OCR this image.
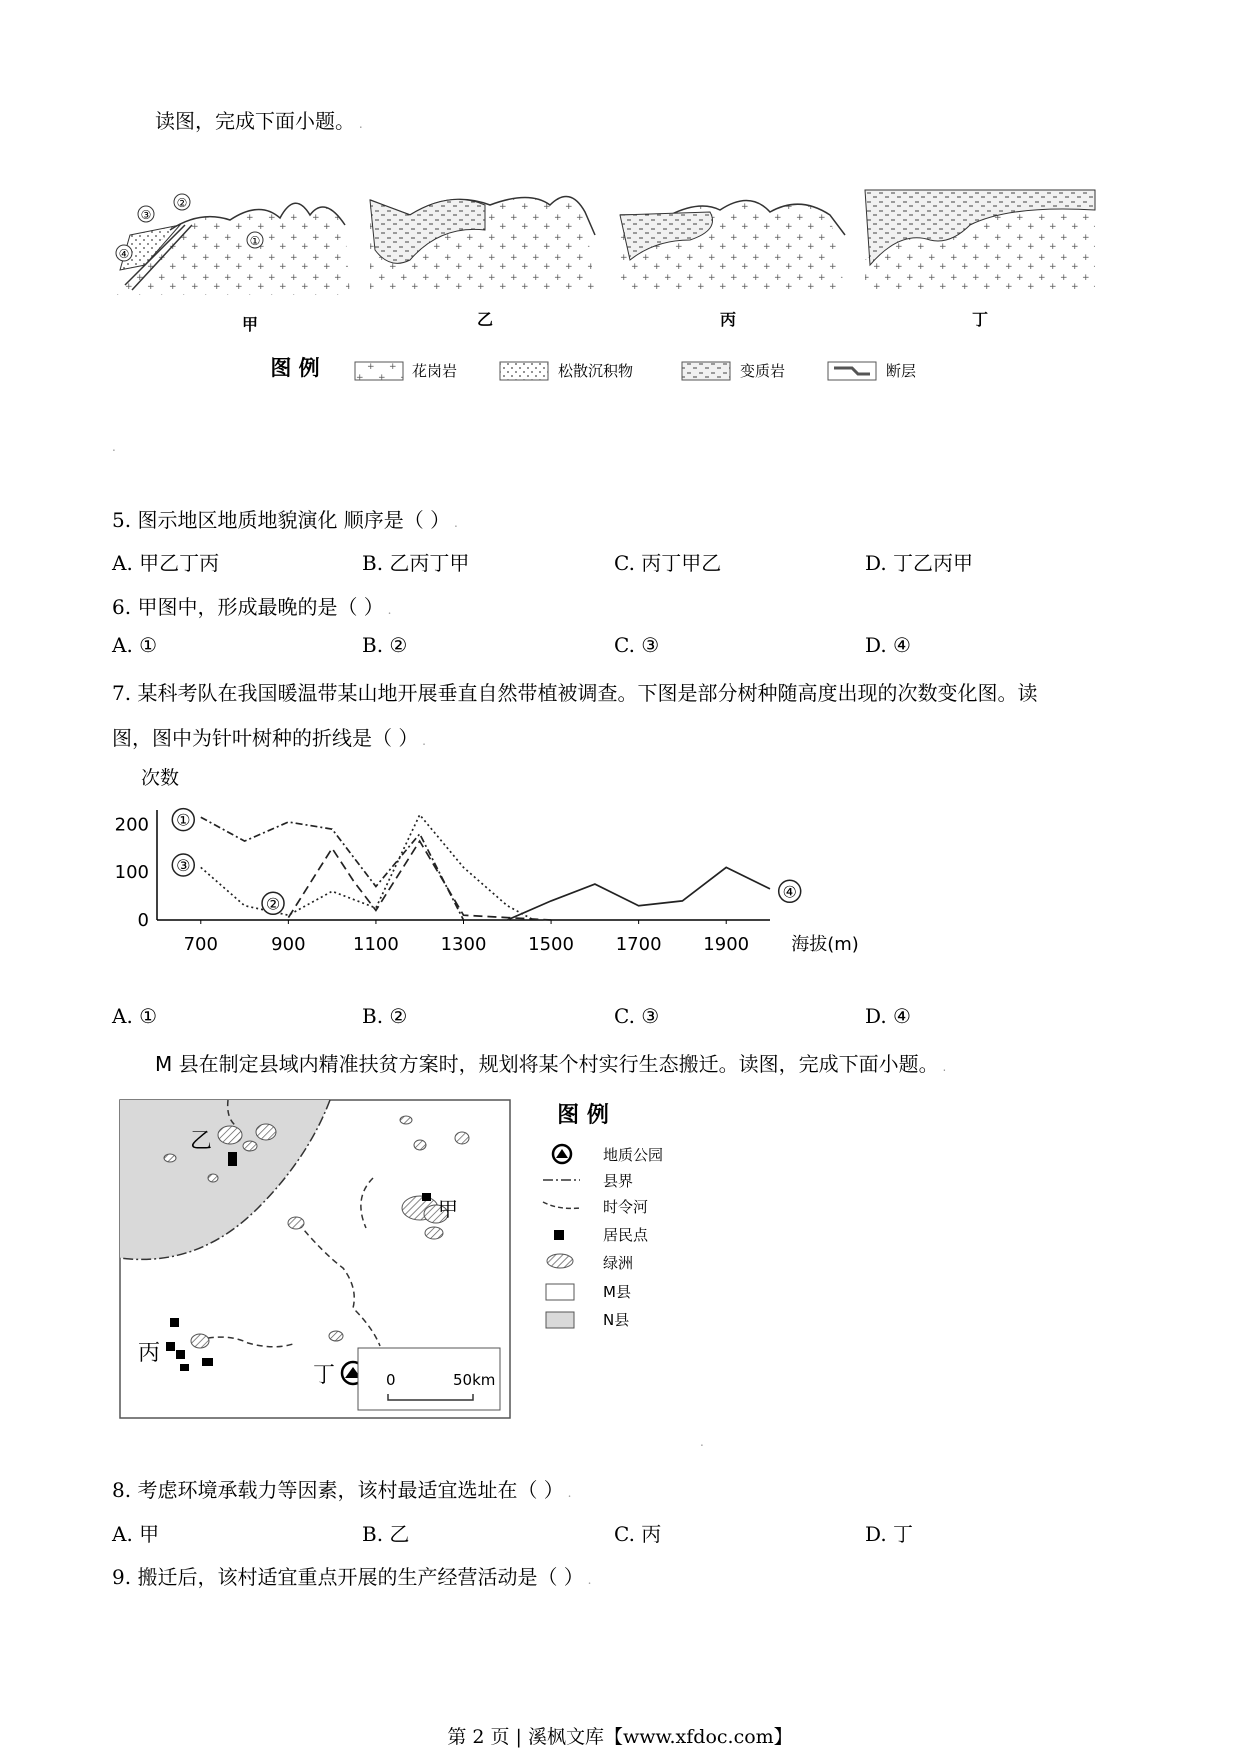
读图，完成下面小题。 .
③
②
④
①
甲	乙	丙	丁
图 例	花岗岩	松散沉积物	变质岩	断层
.
5. 图示地区地质地貌演化 顺序是（ ） .
A. 甲乙丁丙	B. 乙丙丁甲	C. 丙丁甲乙	D. 丁乙丙甲
6. 甲图中，形成最晚的是（ ） .
A. ①	B. ②	C. ③	D. ④
7. 某科考队在我国暖温带某山地开展垂直自然带植被调查。下图是部分树种随高度出现的次数变化图。读
图，图中为针叶树种的折线是（ ） .
次数
200
100
0
700	900	1100 1300 1500 1700 1900
①
②
③
④
海拔(m)
A. ①	B. ②	C. ③	D. ④
M 县在制定县域内精准扶贫方案时，规划将某个村实行生态搬迁。读图，完成下面小题。 .
乙
甲
丙
丁	0	50km
图 例
地质公园
县界
时令河
居民点
绿洲
M县
N县
.
8. 考虑环境承载力等因素，该村最适宜选址在（ ） .
A. 甲	B. 乙	C. 丙	D. 丁
9. 搬迁后，该村适宜重点开展的生产经营活动是（ ） .
第 2 页 | 溪枫文库【www.xfdoc.com】
